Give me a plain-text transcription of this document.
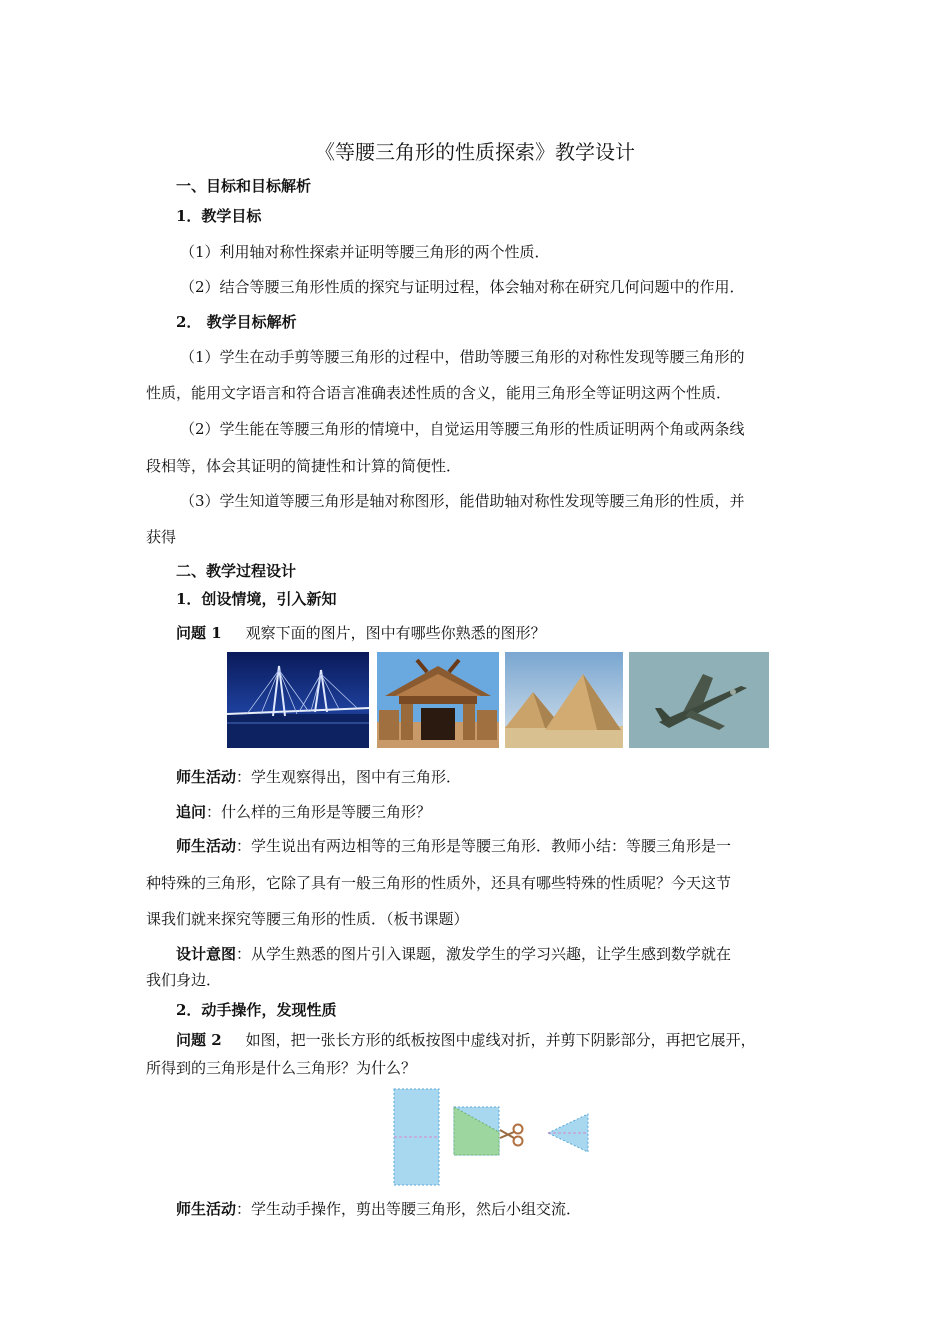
《等腰三角形的性质探索》教学设计
一、目标和目标解析
1．教学目标
（1）利用轴对称性探索并证明等腰三角形的两个性质．
（2）结合等腰三角形性质的探究与证明过程，体会轴对称在研究几何问题中的作用．
2． 教学目标解析
（1）学生在动手剪等腰三角形的过程中，借助等腰三角形的对称性发现等腰三角形的
性质，能用文字语言和符合语言准确表述性质的含义，能用三角形全等证明这两个性质．
（2）学生能在等腰三角形的情境中，自觉运用等腰三角形的性质证明两个角或两条线
段相等，体会其证明的简捷性和计算的简便性．
（3）学生知道等腰三角形是轴对称图形，能借助轴对称性发现等腰三角形的性质，并
获得
二、教学过程设计
1．创设情境，引入新知
问题 1 观察下面的图片，图中有哪些你熟悉的图形？
师生活动：学生观察得出，图中有三角形．
追问：什么样的三角形是等腰三角形？
师生活动：学生说出有两边相等的三角形是等腰三角形．教师小结：等腰三角形是一
种特殊的三角形，它除了具有一般三角形的性质外，还具有哪些特殊的性质呢？今天这节
课我们就来探究等腰三角形的性质．（板书课题）
设计意图：从学生熟悉的图片引入课题，激发学生的学习兴趣，让学生感到数学就在
我们身边．
2．动手操作，发现性质
问题 2 如图，把一张长方形的纸板按图中虚线对折，并剪下阴影部分，再把它展开，
所得到的三角形是什么三角形？为什么？
师生活动：学生动手操作，剪出等腰三角形，然后小组交流．
